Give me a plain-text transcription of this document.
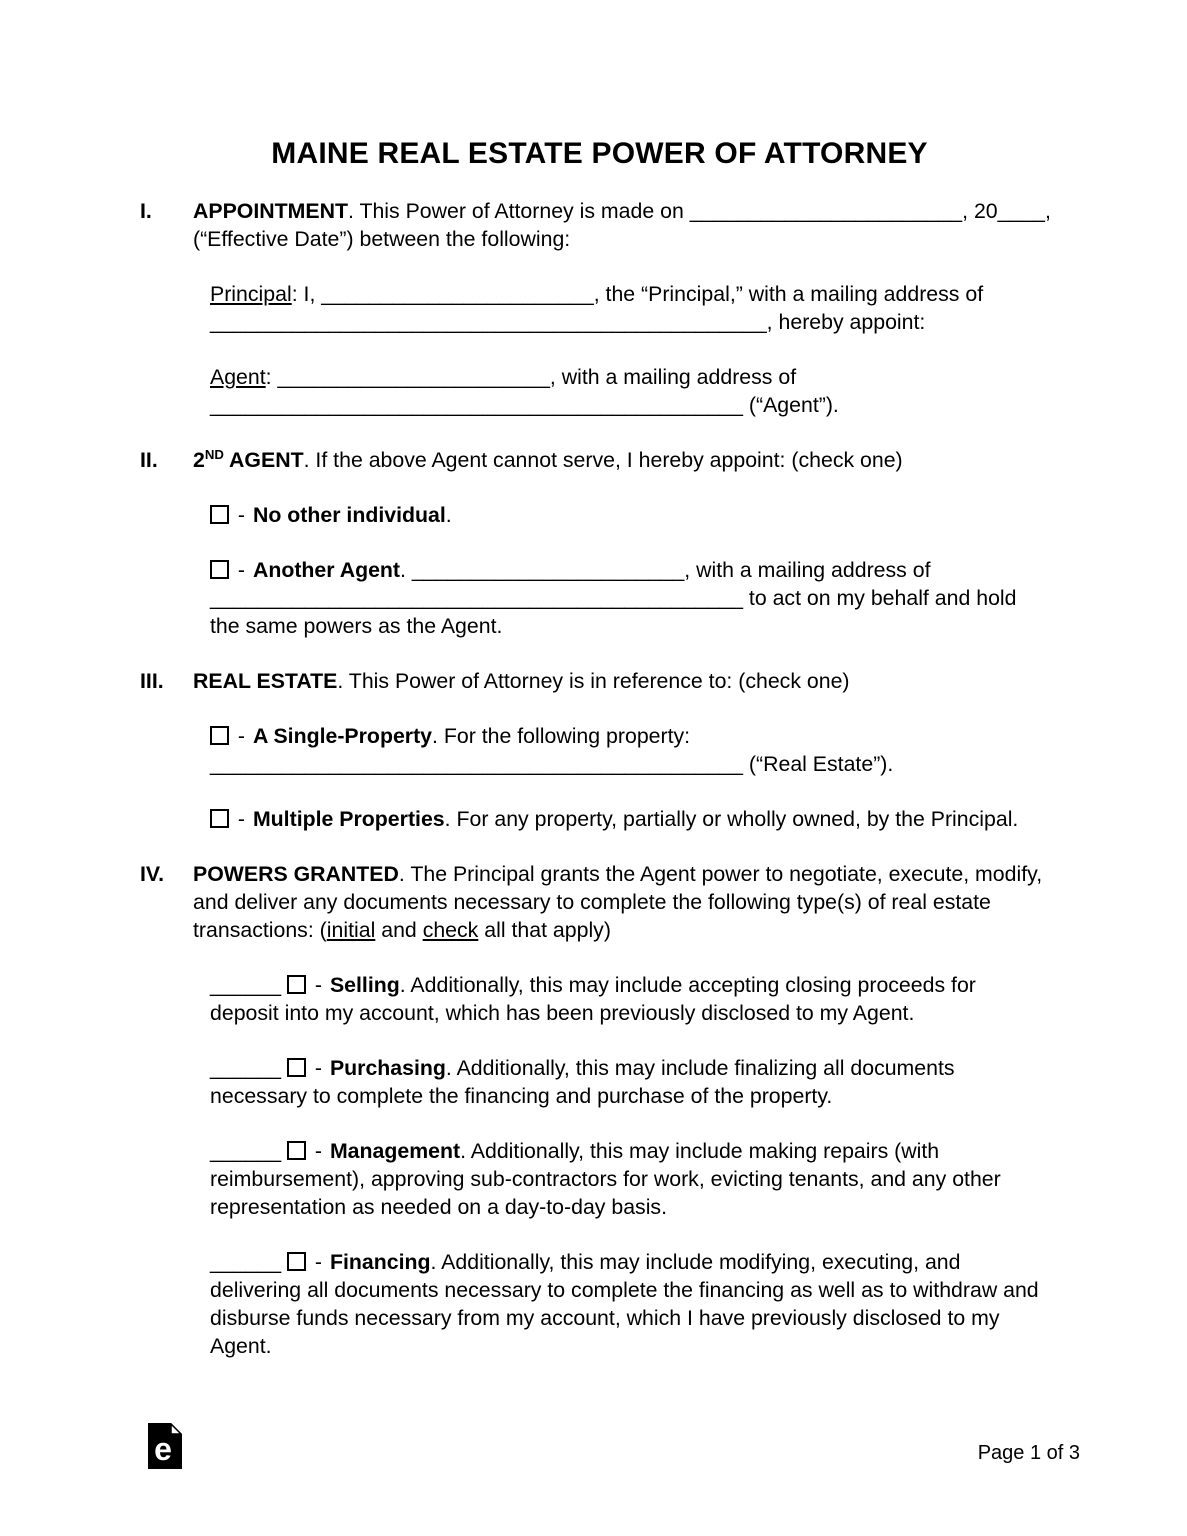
MAINE REAL ESTATE POWER OF ATTORNEY
I.	APPOINTMENT. This Power of Attorney is made on _______________________, 20____, (“Effective Date”) between the following:

Principal: I, _______________________, the “Principal,” with a mailing address of _______________________________________________, hereby appoint:

Agent: _______________________, with a mailing address of _____________________________________________ (“Agent”).

II.	2ND AGENT. If the above Agent cannot serve, I hereby appoint: (check one)

- No other individual.

- Another Agent. _______________________, with a mailing address of _____________________________________________ to act on my behalf and hold the same powers as the Agent.

III.	REAL ESTATE. This Power of Attorney is in reference to: (check one)

- A Single-Property. For the following property: _____________________________________________ (“Real Estate”).

- Multiple Properties. For any property, partially or wholly owned, by the Principal.

IV.	POWERS GRANTED. The Principal grants the Agent power to negotiate, execute, modify, and deliver any documents necessary to complete the following type(s) of real estate transactions: (initial and check all that apply)

______ - Selling. Additionally, this may include accepting closing proceeds for deposit into my account, which has been previously disclosed to my Agent.

______ - Purchasing. Additionally, this may include finalizing all documents necessary to complete the financing and purchase of the property.

______ - Management. Additionally, this may include making repairs (with reimbursement), approving sub-contractors for work, evicting tenants, and any other representation as needed on a day-to-day basis.

______ - Financing. Additionally, this may include modifying, executing, and delivering all documents necessary to complete the financing as well as to withdraw and disburse funds necessary from my account, which I have previously disclosed to my Agent.

e	Page 1 of 3
